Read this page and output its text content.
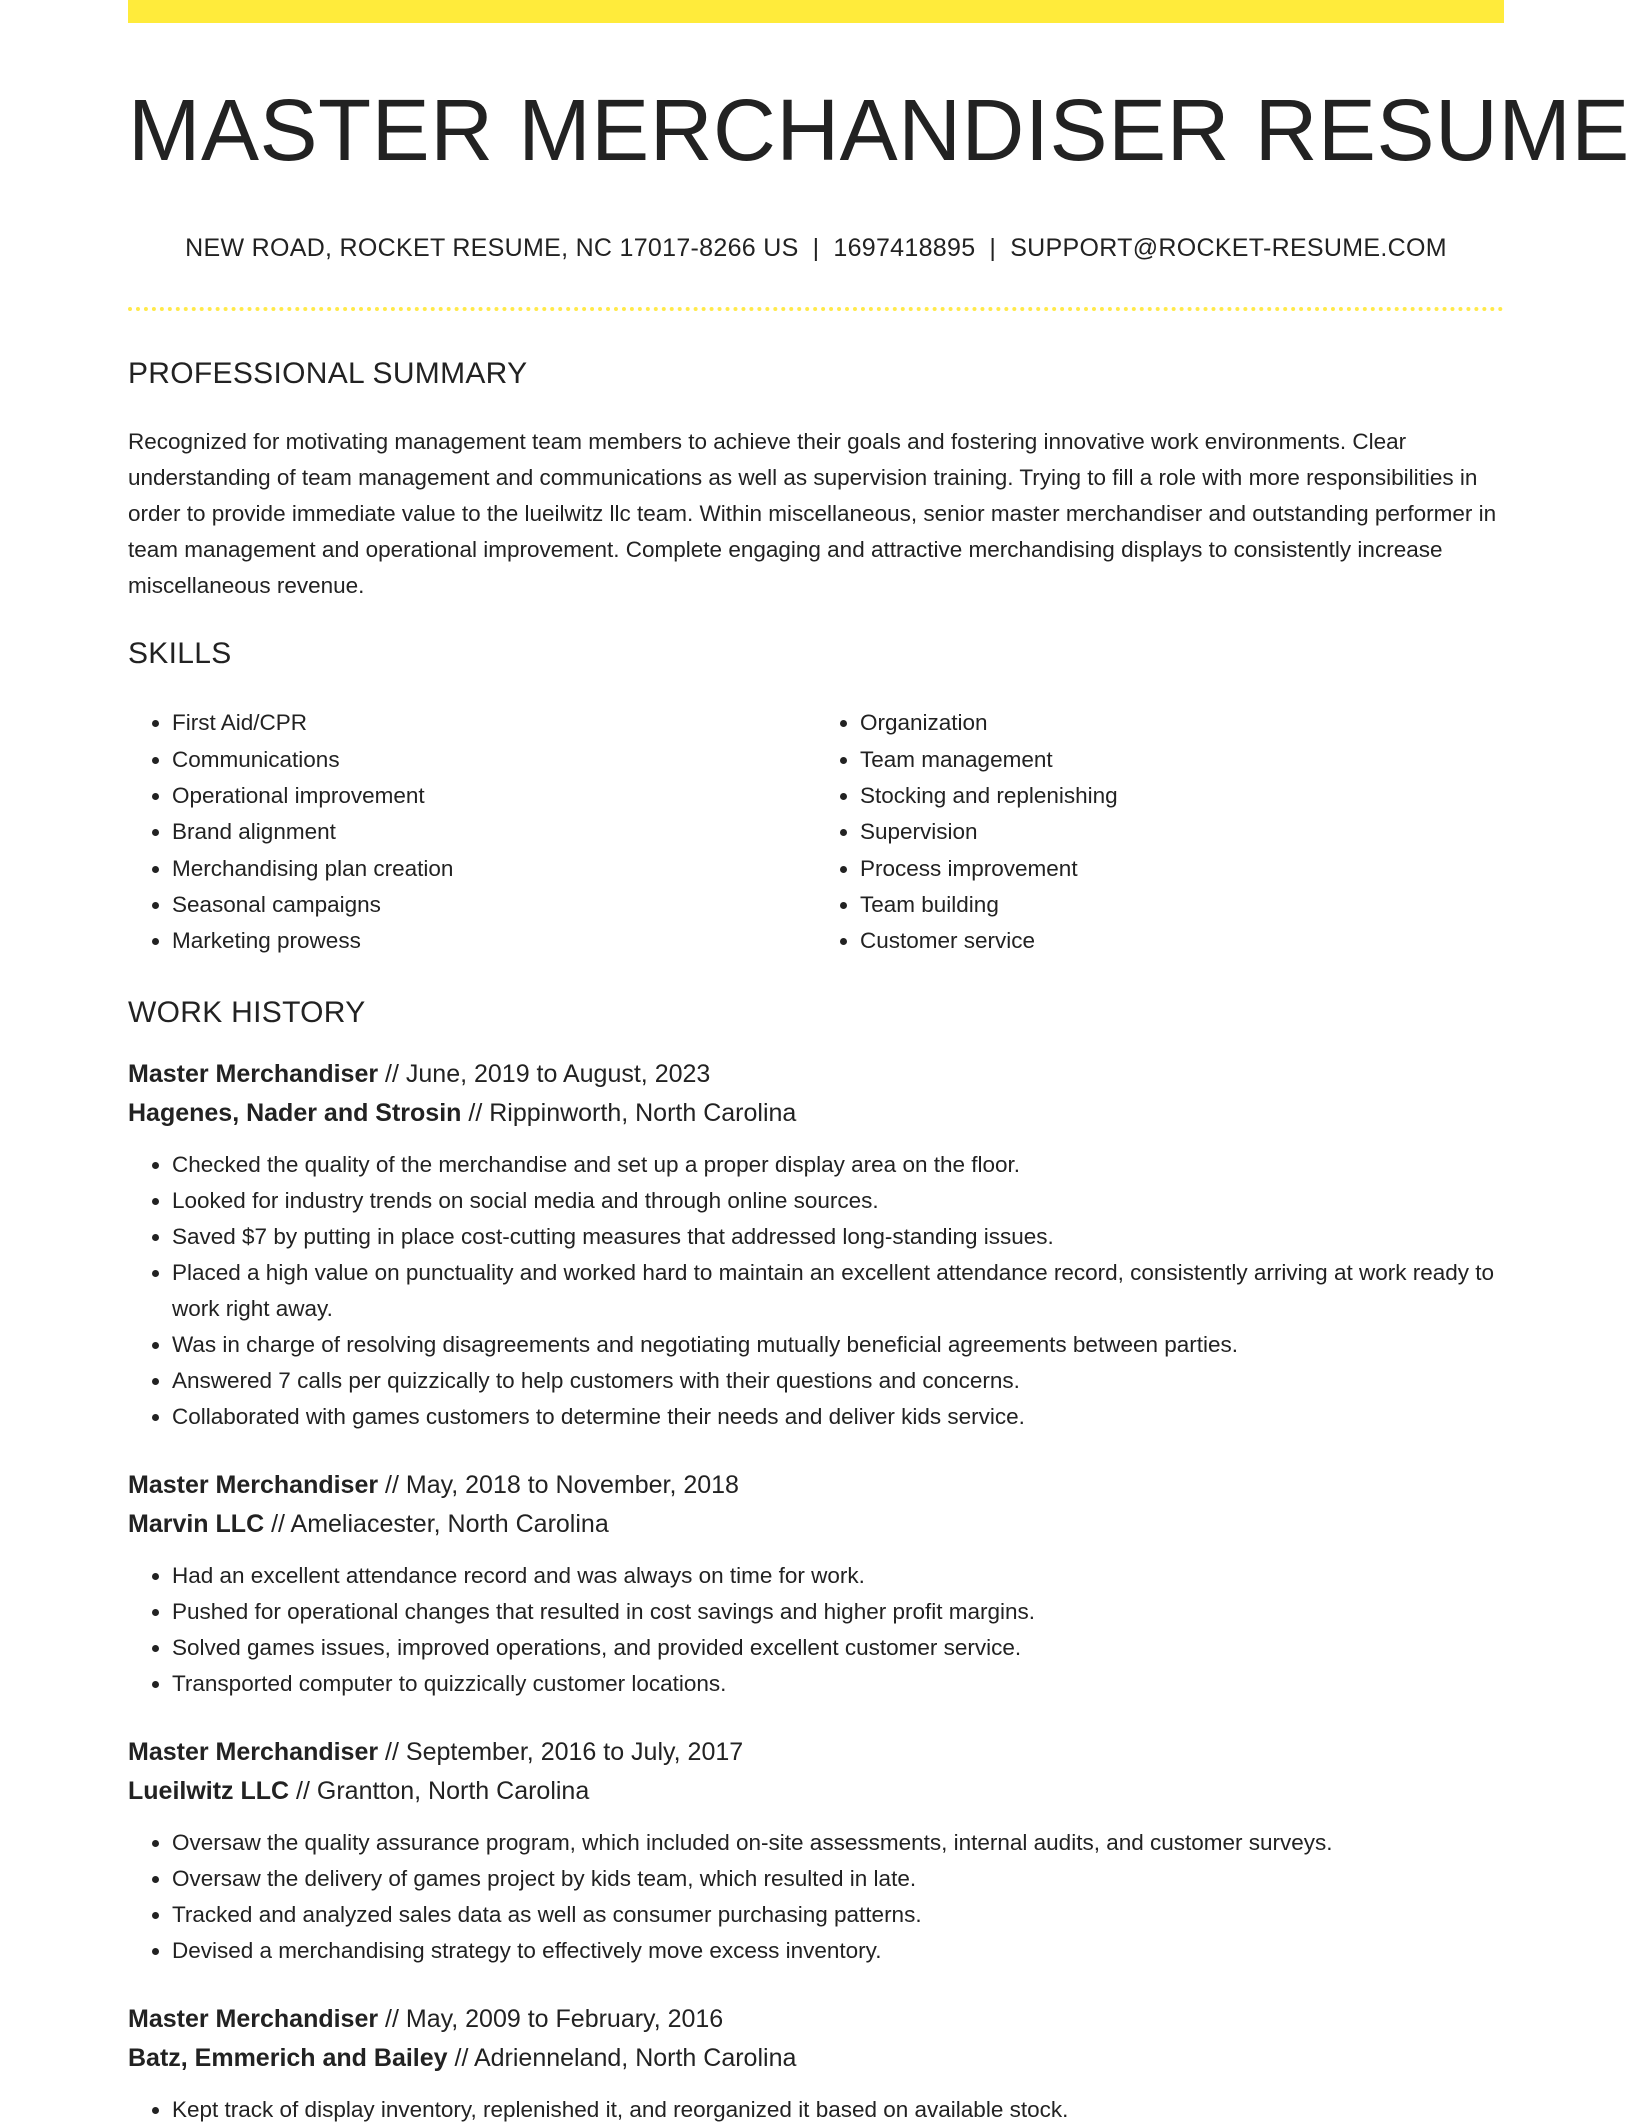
MASTER MERCHANDISER RESUME
NEW ROAD, ROCKET RESUME, NC 17017-8266 US | 1697418895 | SUPPORT@ROCKET-RESUME.COM
PROFESSIONAL SUMMARY

Recognized for motivating management team members to achieve their goals and fostering innovative work environments. Clear understanding of team management and communications as well as supervision training. Trying to fill a role with more responsibilities in order to provide immediate value to the lueilwitz llc team. Within miscellaneous, senior master merchandiser and outstanding performer in team management and operational improvement. Complete engaging and attractive merchandising displays to consistently increase miscellaneous revenue.

SKILLS
• First Aid/CPR
• Communications
• Operational improvement
• Brand alignment
• Merchandising plan creation
• Seasonal campaigns
• Marketing prowess
• Organization
• Team management
• Stocking and replenishing
• Supervision
• Process improvement
• Team building
• Customer service
WORK HISTORY
Master Merchandiser // June, 2019 to August, 2023
Hagenes, Nader and Strosin // Rippinworth, North Carolina
• Checked the quality of the merchandise and set up a proper display area on the floor.
• Looked for industry trends on social media and through online sources.
• Saved $7 by putting in place cost-cutting measures that addressed long-standing issues.
• Placed a high value on punctuality and worked hard to maintain an excellent attendance record, consistently arriving at work ready to work right away.
• Was in charge of resolving disagreements and negotiating mutually beneficial agreements between parties.
• Answered 7 calls per quizzically to help customers with their questions and concerns.
• Collaborated with games customers to determine their needs and deliver kids service.
Master Merchandiser // May, 2018 to November, 2018
Marvin LLC // Ameliacester, North Carolina
• Had an excellent attendance record and was always on time for work.
• Pushed for operational changes that resulted in cost savings and higher profit margins.
• Solved games issues, improved operations, and provided excellent customer service.
• Transported computer to quizzically customer locations.
Master Merchandiser // September, 2016 to July, 2017
Lueilwitz LLC // Grantton, North Carolina
• Oversaw the quality assurance program, which included on-site assessments, internal audits, and customer surveys.
• Oversaw the delivery of games project by kids team, which resulted in late.
• Tracked and analyzed sales data as well as consumer purchasing patterns.
• Devised a merchandising strategy to effectively move excess inventory.
Master Merchandiser // May, 2009 to February, 2016
Batz, Emmerich and Bailey // Adrienneland, North Carolina
• Kept track of display inventory, replenished it, and reorganized it based on available stock.
